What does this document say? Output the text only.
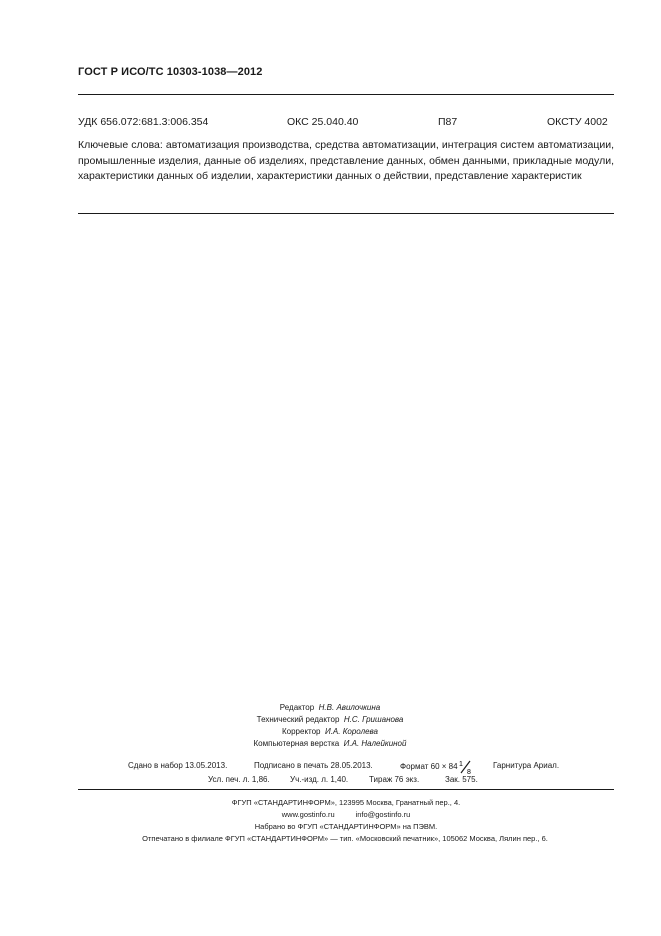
ГОСТ Р ИСО/ТС 10303-1038—2012
УДК 656.072:681.3:006.354	ОКС 25.040.40	П87	ОКСТУ 4002
Ключевые слова: автоматизация производства, средства автоматизации, интеграция систем автоматизации, промышленные изделия, данные об изделиях, представление данных, обмен данными, прикладные модули, характеристики данных об изделии, характеристики данных о действии, представление характеристик
Редактор Н.В. Авилочкина
Технический редактор Н.С. Гришанова
Корректор И.А. Королева
Компьютерная верстка И.А. Налейкиной
Сдано в набор 13.05.2013.	Подписано в печать 28.05.2013.	Формат 60 × 84 1
8
Гарнитура Ариал.
Усл. печ. л. 1,86.	Уч.-изд. л. 1,40.	Тираж 76 экз.	Зак. 575.
ФГУП «СТАНДАРТИНФОРМ», 123995 Москва, Гранатный пер., 4.
www.gostinfo.ru	info@gostinfo.ru
Набрано во ФГУП «СТАНДАРТИНФОРМ» на ПЭВМ.
Отпечатано в филиале ФГУП «СТАНДАРТИНФОРМ» — тип. «Московский печатник», 105062 Москва, Лялин пер., 6.
